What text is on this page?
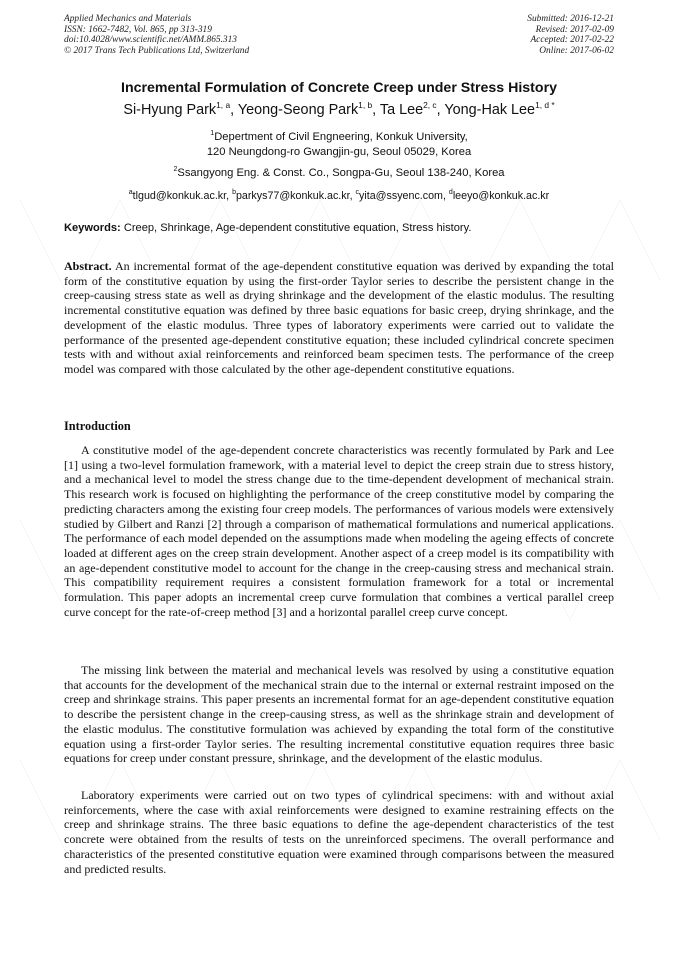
Applied Mechanics and Materials
ISSN: 1662-7482, Vol. 865, pp 313-319
doi:10.4028/www.scientific.net/AMM.865.313
© 2017 Trans Tech Publications Ltd, Switzerland
Submitted: 2016-12-21
Revised: 2017-02-09
Accepted: 2017-02-22
Online: 2017-06-02
Incremental Formulation of Concrete Creep under Stress History
Si-Hyung Park$^{1, a}$, Yeong-Seong Park$^{1, b}$, Ta Lee$^{2, c}$, Yong-Hak Lee$^{1, d *}$
$^1$Depertment of Civil Engneering, Konkuk University,
120 Neungdong-ro Gwangjin-gu, Seoul 05029, Korea
$^2$Ssangyong Eng. & Const. Co., Songpa-Gu, Seoul 138-240, Korea
$^a$tlgud@konkuk.ac.kr, $^b$parkys77@konkuk.ac.kr, $^c$yita@ssyenc.com, $^d$leeyo@konkuk.ac.kr
Keywords: Creep, Shrinkage, Age-dependent constitutive equation, Stress history.

Abstract. An incremental format of the age-dependent constitutive equation was derived by expanding the total form of the constitutive equation by using the first-order Taylor series to describe the persistent change in the creep-causing stress state as well as drying shrinkage and the development of the elastic modulus. The resulting incremental constitutive equation was defined by three basic equations for basic creep, drying shrinkage, and the development of the elastic modulus. Three types of laboratory experiments were carried out to validate the performance of the presented age-dependent constitutive equation; these included cylindrical concrete specimen tests with and without axial reinforcements and reinforced beam specimen tests. The performance of the creep model was compared with those calculated by the other age-dependent constitutive equations.

Introduction

A constitutive model of the age-dependent concrete characteristics was recently formulated by Park and Lee [1] using a two-level formulation framework, with a material level to depict the creep strain due to stress history, and a mechanical level to model the stress change due to the time-dependent development of mechanical strain. This research work is focused on highlighting the performance of the creep constitutive model by comparing the predicting characters among the existing four creep models. The performances of various models were extensively studied by Gilbert and Ranzi [2] through a comparison of mathematical formulations and numerical applications. The performance of each model depended on the assumptions made when modeling the ageing effects of concrete loaded at different ages on the creep strain development. Another aspect of a creep model is its compatibility with an age-dependent constitutive model to account for the change in the creep-causing stress and mechanical strain. This compatibility requirement requires a consistent formulation framework for a total or incremental formulation. This paper adopts an incremental creep curve formulation that combines a vertical parallel creep curve concept for the rate-of-creep method [3] and a horizontal parallel creep curve concept.

The missing link between the material and mechanical levels was resolved by using a constitutive equation that accounts for the development of the mechanical strain due to the internal or external restraint imposed on the creep and shrinkage strains. This paper presents an incremental format for an age-dependent constitutive equation to describe the persistent change in the creep-causing stress, as well as the shrinkage strain and development of the elastic modulus. The constitutive formulation was achieved by expanding the total form of the constitutive equation using a first-order Taylor series. The resulting incremental constitutive equation requires three basic equations for creep under constant pressure, shrinkage, and the development of the elastic modulus.

Laboratory experiments were carried out on two types of cylindrical specimens: with and without axial reinforcements, where the case with axial reinforcements were designed to examine restraining effects on the creep and shrinkage strains. The three basic equations to define the age-dependent characteristics of the test concrete were obtained from the results of tests on the unreinforced specimens. The overall performance and characteristics of the presented constitutive equation were examined through comparisons between the measured and predicted results.
